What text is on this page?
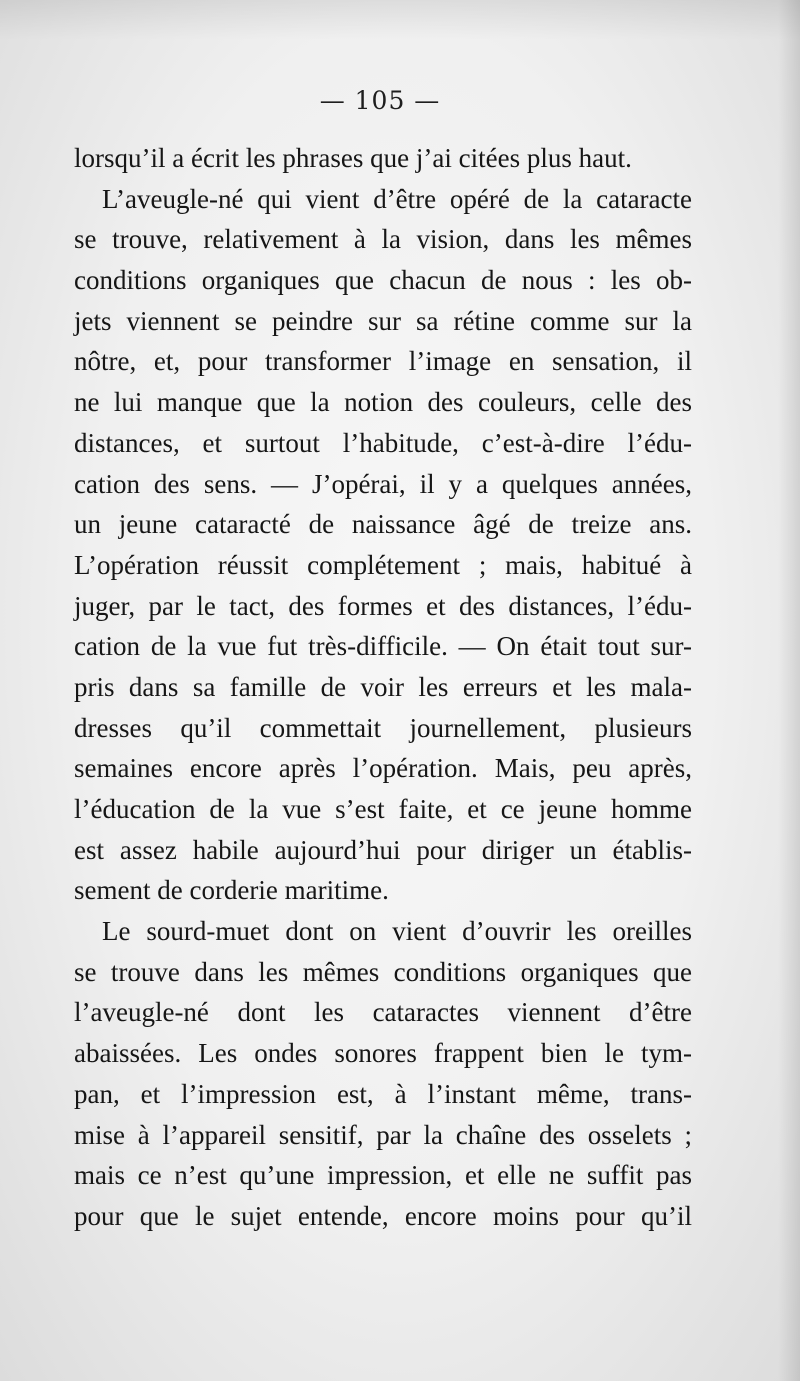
— 105 —
lorsqu’il a écrit les phrases que j’ai citées plus haut.
L’aveugle-né qui vient d’être opéré de la cataracte
se trouve, relativement à la vision, dans les mêmes
conditions organiques que chacun de nous : les ob-
jets viennent se peindre sur sa rétine comme sur la
nôtre, et, pour transformer l’image en sensation, il
ne lui manque que la notion des couleurs, celle des
distances, et surtout l’habitude, c’est-à-dire l’édu-
cation des sens. — J’opérai, il y a quelques années,
un jeune cataracté de naissance âgé de treize ans.
L’opération réussit complétement ; mais, habitué à
juger, par le tact, des formes et des distances, l’édu-
cation de la vue fut très-difficile. — On était tout sur-
pris dans sa famille de voir les erreurs et les mala-
dresses qu’il commettait journellement, plusieurs
semaines encore après l’opération. Mais, peu après,
l’éducation de la vue s’est faite, et ce jeune homme
est assez habile aujourd’hui pour diriger un établis-
sement de corderie maritime.
Le sourd-muet dont on vient d’ouvrir les oreilles
se trouve dans les mêmes conditions organiques que
l’aveugle-né dont les cataractes viennent d’être
abaissées. Les ondes sonores frappent bien le tym-
pan, et l’impression est, à l’instant même, trans-
mise à l’appareil sensitif, par la chaîne des osselets ;
mais ce n’est qu’une impression, et elle ne suffit pas
pour que le sujet entende, encore moins pour qu’il
